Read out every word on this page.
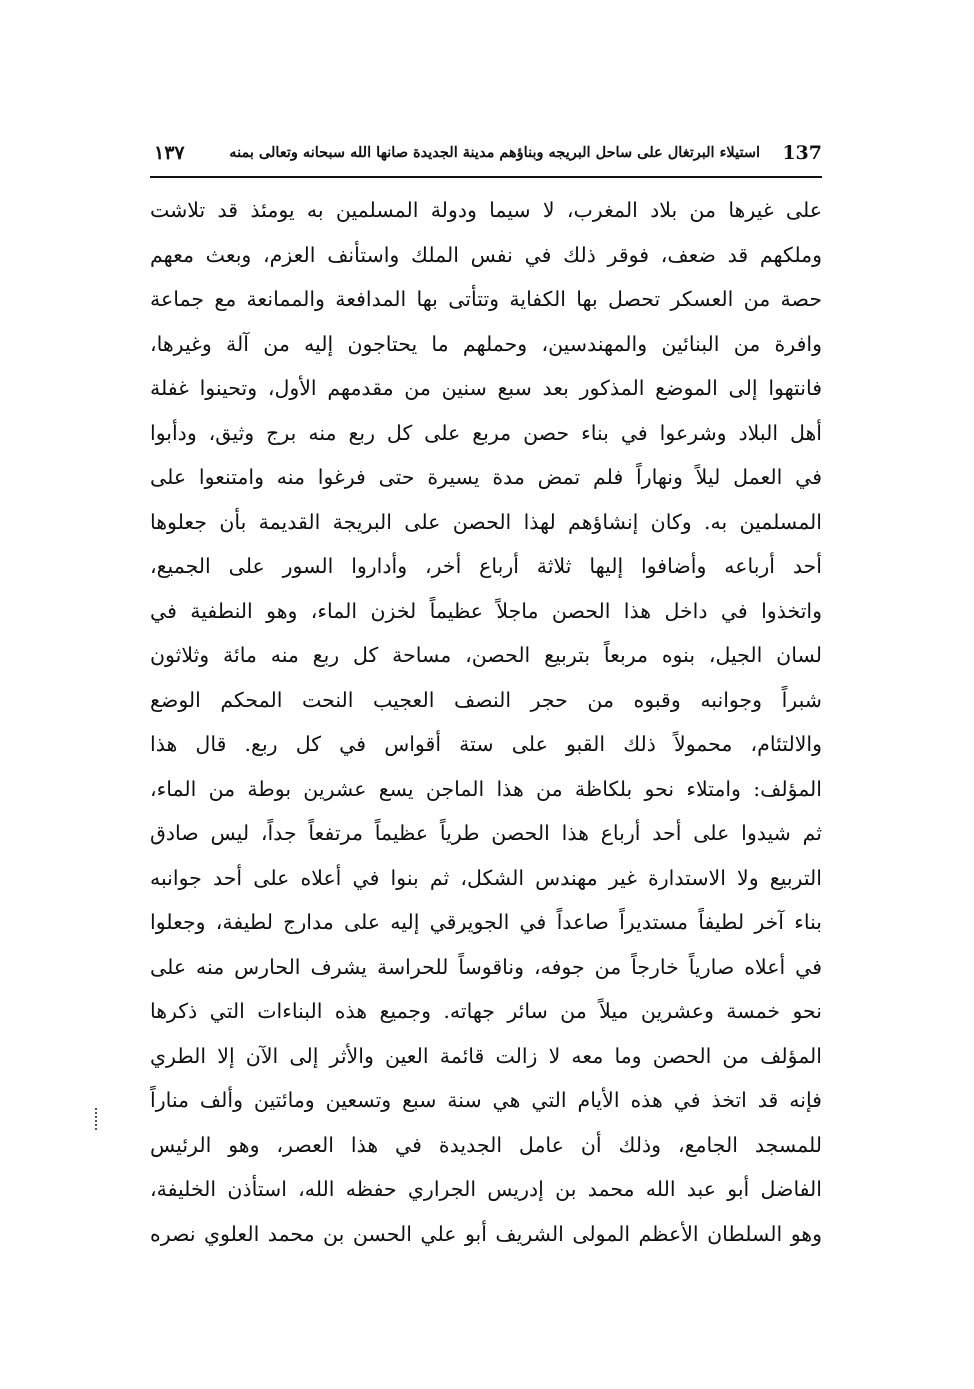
137
استيلاء البرتغال على ساحل البريجه وبناؤهم مدينة الجديدة صانها الله سبحانه وتعالى بمنه
١٣٧
على غيرها من بلاد المغرب، لا سيما ودولة المسلمين به يومئذ قد تلاشت
وملكهم قد ضعف، فوقر ذلك في نفس الملك واستأنف العزم، وبعث معهم
حصة من العسكر تحصل بها الكفاية وتتأتى بها المدافعة والممانعة مع جماعة
وافرة من البنائين والمهندسين، وحملهم ما يحتاجون إليه من آلة وغيرها،
فانتهوا إلى الموضع المذكور بعد سبع سنين من مقدمهم الأول، وتحينوا غفلة
أهل البلاد وشرعوا في بناء حصن مربع على كل ربع منه برج وثيق، ودأبوا
في العمل ليلاً ونهاراً فلم تمض مدة يسيرة حتى فرغوا منه وامتنعوا على
المسلمين به. وكان إنشاؤهم لهذا الحصن على البريجة القديمة بأن جعلوها
أحد أرباعه وأضافوا إليها ثلاثة أرباع أخر، وأداروا السور على الجميع،
واتخذوا في داخل هذا الحصن ماجلاً عظيماً لخزن الماء، وهو النطفية في
لسان الجيل، بنوه مربعاً بتربيع الحصن، مساحة كل ربع منه مائة وثلاثون
شبراً وجوانبه وقبوه من حجر النصف العجيب النحت المحكم الوضع
والالتئام، محمولاً ذلك القبو على ستة أقواس في كل ربع. قال هذا
المؤلف: وامتلاء نحو بلكاظة من هذا الماجن يسع عشرين بوطة من الماء،
ثم شيدوا على أحد أرباع هذا الحصن طرياً عظيماً مرتفعاً جداً، ليس صادق
التربيع ولا الاستدارة غير مهندس الشكل، ثم بنوا في أعلاه على أحد جوانبه
بناء آخر لطيفاً مستديراً صاعداً في الجويرقي إليه على مدارج لطيفة، وجعلوا
في أعلاه صارياً خارجاً من جوفه، وناقوساً للحراسة يشرف الحارس منه على
نحو خمسة وعشرين ميلاً من سائر جهاته. وجميع هذه البناءات التي ذكرها
المؤلف من الحصن وما معه لا زالت قائمة العين والأثر إلى الآن إلا الطري
فإنه قد اتخذ في هذه الأيام التي هي سنة سبع وتسعين ومائتين وألف مناراً
للمسجد الجامع، وذلك أن عامل الجديدة في هذا العصر، وهو الرئيس
الفاضل أبو عبد الله محمد بن إدريس الجراري حفظه الله، استأذن الخليفة،
وهو السلطان الأعظم المولى الشريف أبو علي الحسن بن محمد العلوي نصره
